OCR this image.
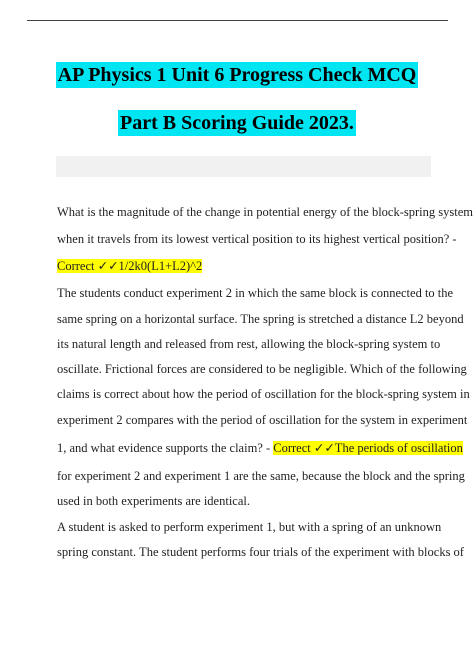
AP Physics 1 Unit 6 Progress Check MCQ
Part B Scoring Guide 2023.
What is the magnitude of the change in potential energy of the block-spring system
when it travels from its lowest vertical position to its highest vertical position? -
Correct ✓✓1/2k0(L1+L2)^2
The students conduct experiment 2 in which the same block is connected to the
same spring on a horizontal surface. The spring is stretched a distance L2 beyond
its natural length and released from rest, allowing the block-spring system to
oscillate. Frictional forces are considered to be negligible. Which of the following
claims is correct about how the period of oscillation for the block-spring system in
experiment 2 compares with the period of oscillation for the system in experiment
1, and what evidence supports the claim? - Correct ✓✓The periods of oscillation
for experiment 2 and experiment 1 are the same, because the block and the spring
used in both experiments are identical.
A student is asked to perform experiment 1, but with a spring of an unknown
spring constant. The student performs four trials of the experiment with blocks of
